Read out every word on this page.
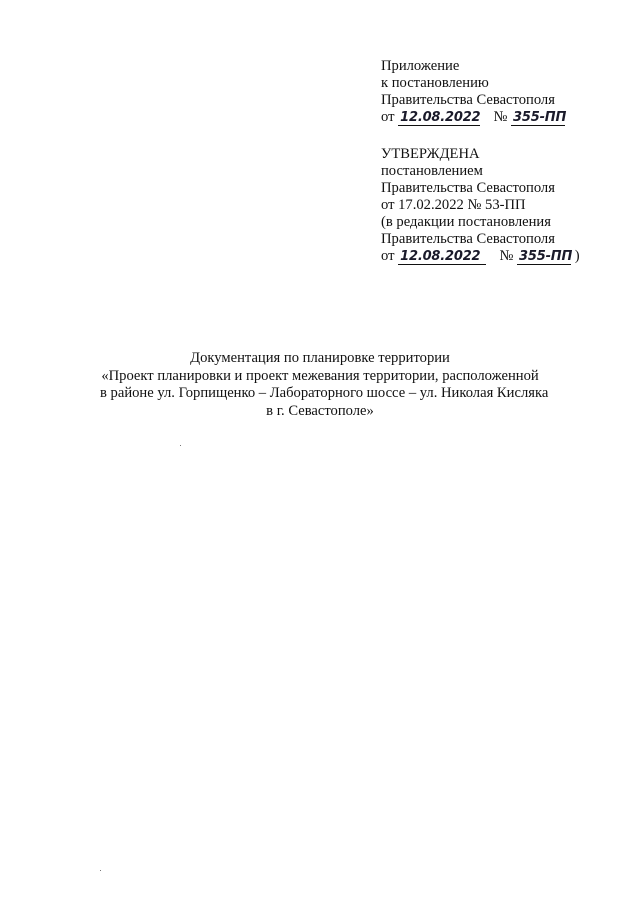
Приложение
к постановлению
Правительства Севастополя
от 12.08.2022 № 355-ПП
УТВЕРЖДЕНА
постановлением
Правительства Севастополя
от 17.02.2022 № 53-ПП
(в редакции постановления
Правительства Севастополя
от 12.08.2022 № 355-ПП )
Документация по планировке территории
«Проект планировки и проект межевания территории, расположенной
в районе ул. Горпищенко – Лабораторного шоссе – ул. Николая Кисляка
в г. Севастополе»
